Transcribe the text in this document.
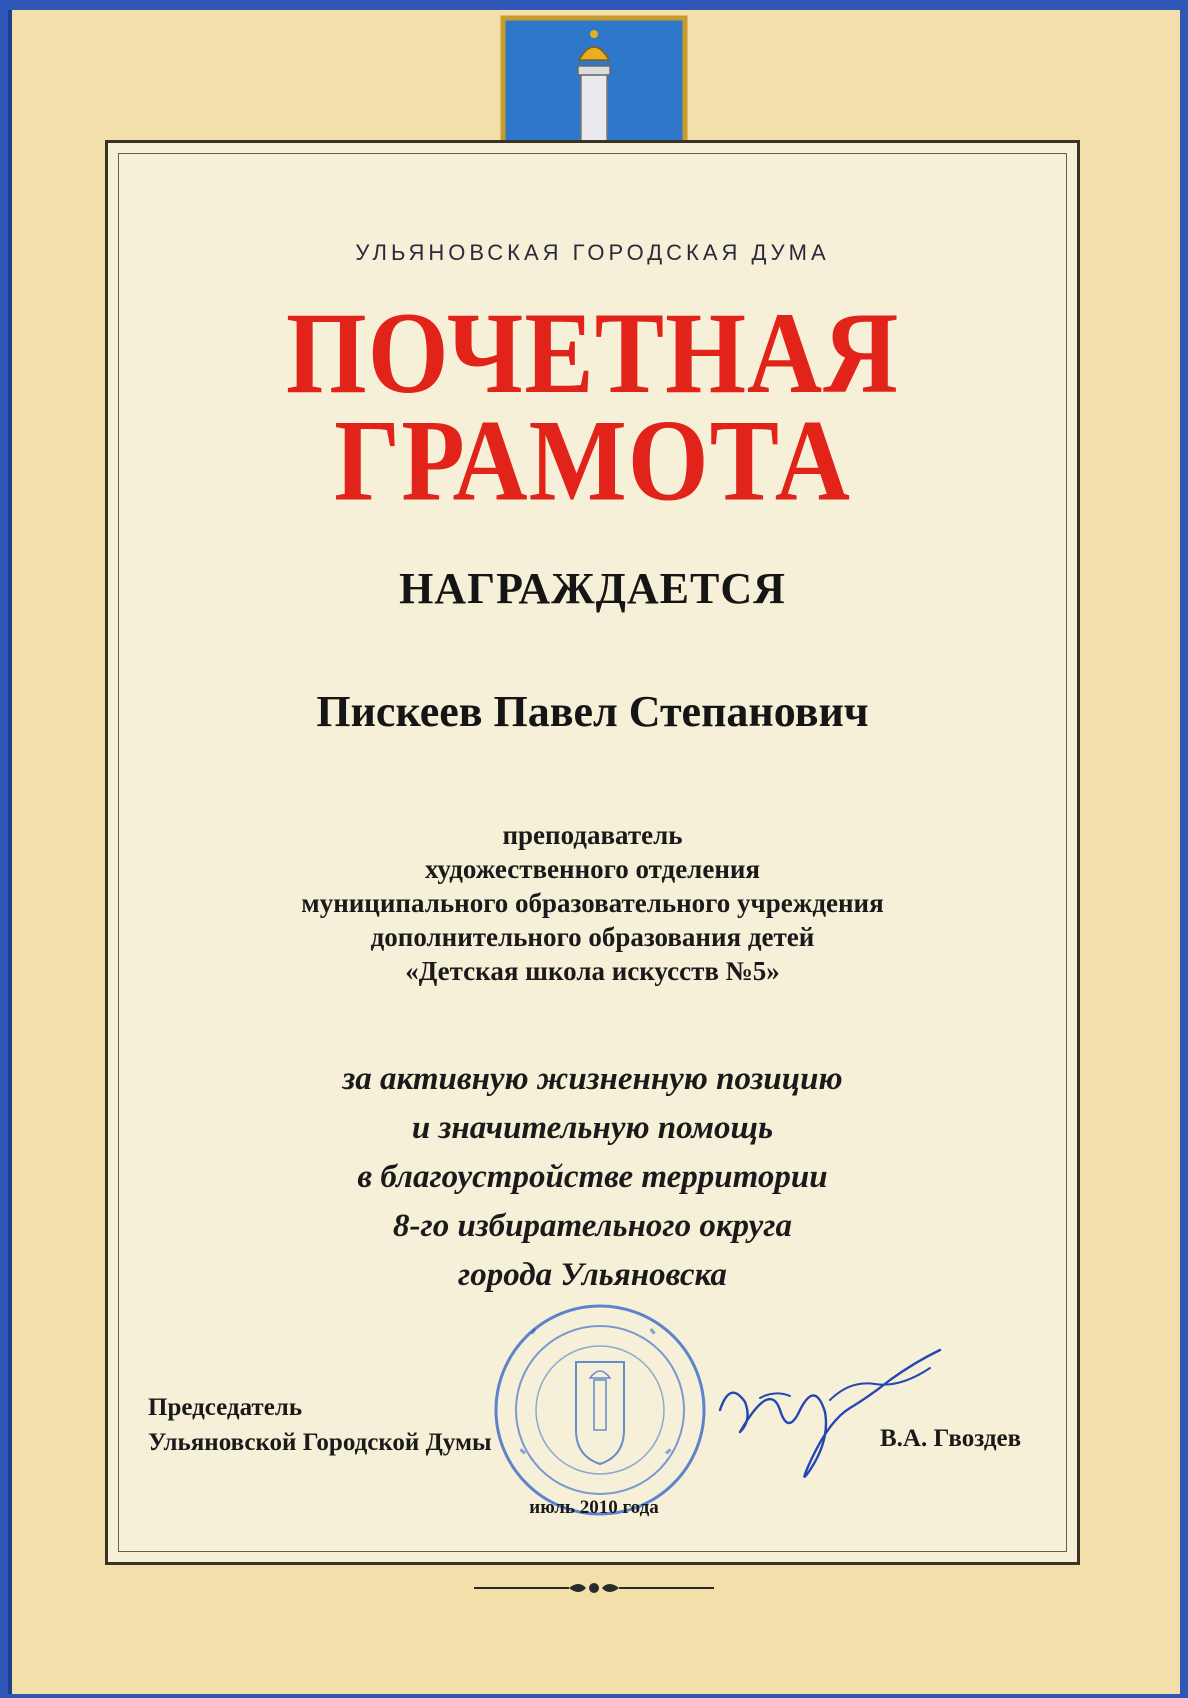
УЛЬЯНОВСКАЯ ГОРОДСКАЯ ДУМА
ПОЧЕТНАЯ
ГРАМОТА
НАГРАЖДАЕТСЯ
Пискеев Павел Степанович
преподаватель
художественного отделения
муниципального образовательного учреждения
дополнительного образования детей
«Детская школа искусств №5»
за активную жизненную позицию
и значительную помощь
в благоустройстве территории
8-го избирательного округа
города Ульяновска
Председатель
Ульяновской Городской Думы	В.А. Гвоздев
июль 2010 года
